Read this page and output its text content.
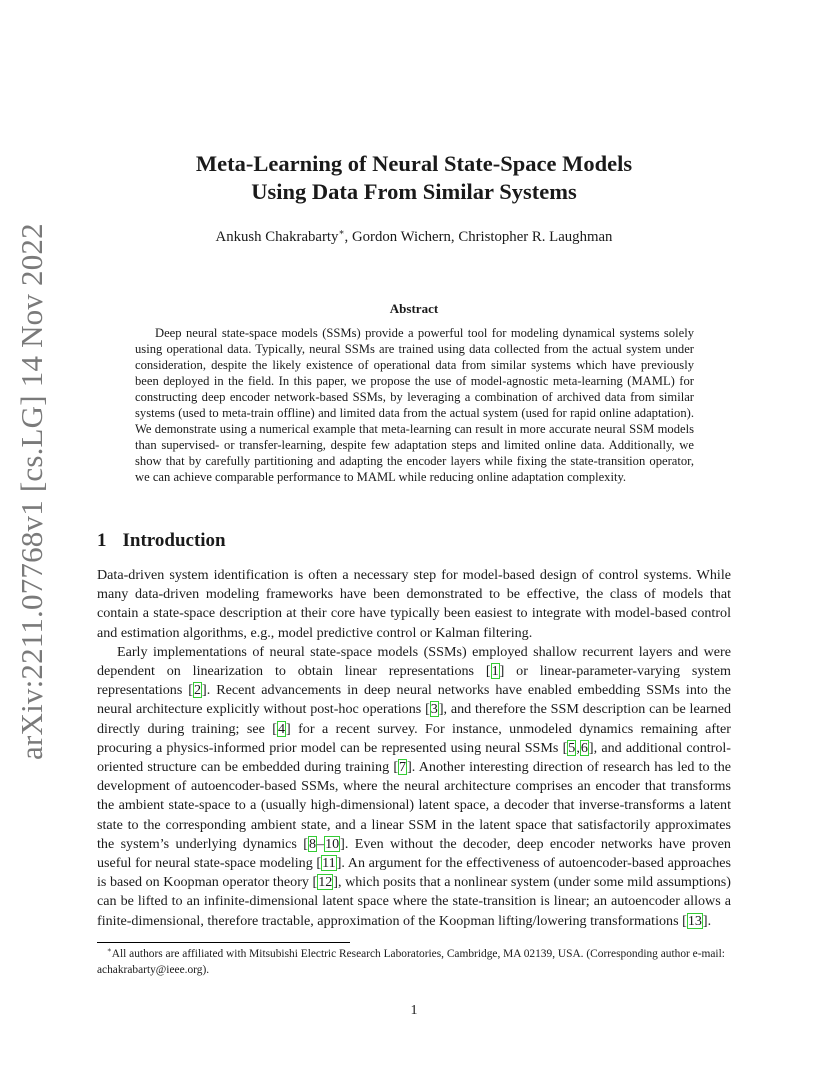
arXiv:2211.07768v1 [cs.LG] 14 Nov 2022
Meta-Learning of Neural State-Space Models
Using Data From Similar Systems
Ankush Chakrabarty∗, Gordon Wichern, Christopher R. Laughman
Abstract

Deep neural state-space models (SSMs) provide a powerful tool for modeling dynamical systems solely using operational data. Typically, neural SSMs are trained using data collected from the actual system under consideration, despite the likely existence of operational data from similar systems which have previously been deployed in the field. In this paper, we propose the use of model-agnostic meta-learning (MAML) for constructing deep encoder network-based SSMs, by leveraging a combination of archived data from similar systems (used to meta-train offline) and limited data from the actual system (used for rapid online adaptation). We demonstrate using a numerical example that meta-learning can result in more accurate neural SSM models than supervised- or transfer-learning, despite few adaptation steps and limited online data. Additionally, we show that by carefully partitioning and adapting the encoder layers while fixing the state-transition operator, we can achieve comparable performance to MAML while reducing online adaptation complexity.

1 Introduction

Data-driven system identification is often a necessary step for model-based design of control systems. While many data-driven modeling frameworks have been demonstrated to be effective, the class of models that contain a state-space description at their core have typically been easiest to integrate with model-based control and estimation algorithms, e.g., model predictive control or Kalman filtering.

Early implementations of neural state-space models (SSMs) employed shallow recurrent layers and were dependent on linearization to obtain linear representations [1] or linear-parameter-varying system representations [2]. Recent advancements in deep neural networks have enabled embedding SSMs into the neural architecture explicitly without post-hoc operations [3], and therefore the SSM description can be learned directly during training; see [4] for a recent survey. For instance, unmodeled dynamics remaining after procuring a physics-informed prior model can be represented using neural SSMs [5,6], and additional control-oriented structure can be embedded during training [7]. Another interesting direction of research has led to the development of autoencoder-based SSMs, where the neural architecture comprises an encoder that transforms the ambient state-space to a (usually high-dimensional) latent space, a decoder that inverse-transforms a latent state to the corresponding ambient state, and a linear SSM in the latent space that satisfactorily approximates the system’s underlying dynamics [8–10]. Even without the decoder, deep encoder networks have proven useful for neural state-space modeling [11]. An argument for the effectiveness of autoencoder-based approaches is based on Koopman operator theory [12], which posits that a nonlinear system (under some mild assumptions) can be lifted to an infinite-dimensional latent space where the state-transition is linear; an autoencoder allows a finite-dimensional, therefore tractable, approximation of the Koopman lifting/lowering transformations [13].

∗All authors are affiliated with Mitsubishi Electric Research Laboratories, Cambridge, MA 02139, USA. (Corresponding author e-mail: achakrabarty@ieee.org).

1
